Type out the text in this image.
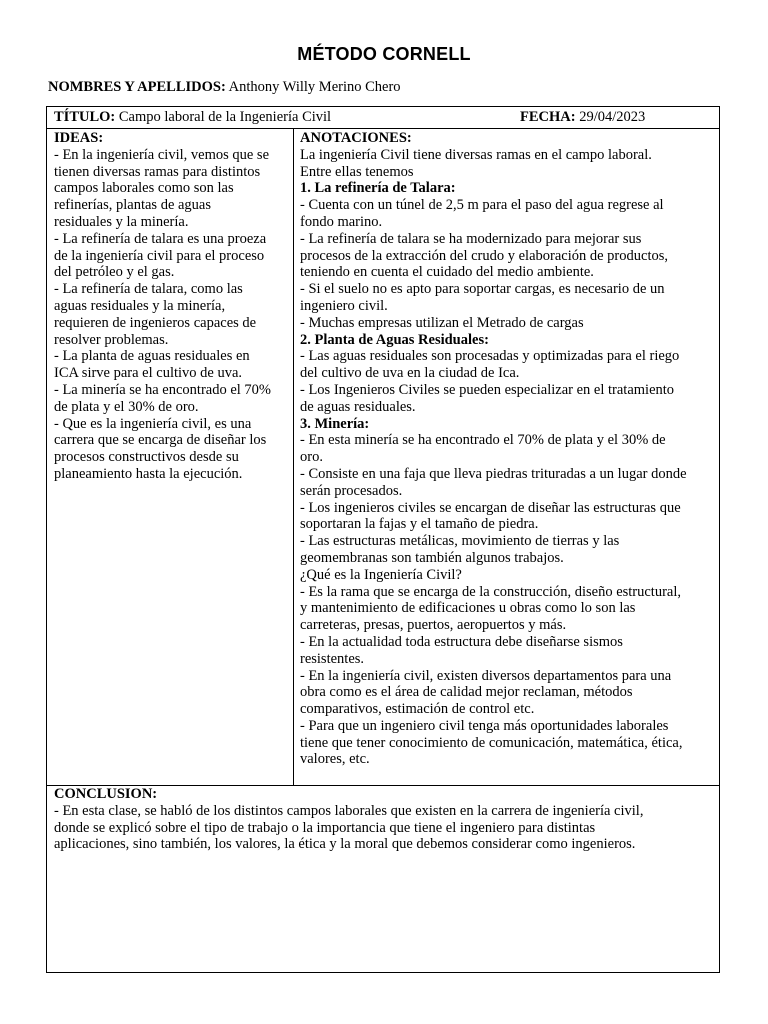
MÉTODO CORNELL
NOMBRES Y APELLIDOS: Anthony Willy Merino Chero
TÍTULO: Campo laboral de la Ingeniería Civil	FECHA: 29/04/2023
IDEAS:
- En la ingeniería civil, vemos que se
tienen diversas ramas para distintos
campos laborales como son las
refinerías, plantas de aguas
residuales y la minería.
- La refinería de talara es una proeza
de la ingeniería civil para el proceso
del petróleo y el gas.
- La refinería de talara, como las
aguas residuales y la minería,
requieren de ingenieros capaces de
resolver problemas.
- La planta de aguas residuales en
ICA sirve para el cultivo de uva.
- La minería se ha encontrado el 70%
de plata y el 30% de oro.
- Que es la ingeniería civil, es una
carrera que se encarga de diseñar los
procesos constructivos desde su
planeamiento hasta la ejecución.
ANOTACIONES:
La ingeniería Civil tiene diversas ramas en el campo laboral.
Entre ellas tenemos
1. La refinería de Talara:
- Cuenta con un túnel de 2,5 m para el paso del agua regrese al
fondo marino.
- La refinería de talara se ha modernizado para mejorar sus
procesos de la extracción del crudo y elaboración de productos,
teniendo en cuenta el cuidado del medio ambiente.
- Si el suelo no es apto para soportar cargas, es necesario de un
ingeniero civil.
- Muchas empresas utilizan el Metrado de cargas
2. Planta de Aguas Residuales:
- Las aguas residuales son procesadas y optimizadas para el riego
del cultivo de uva en la ciudad de Ica.
- Los Ingenieros Civiles se pueden especializar en el tratamiento
de aguas residuales.
3. Minería:
- En esta minería se ha encontrado el 70% de plata y el 30% de
oro.
- Consiste en una faja que lleva piedras trituradas a un lugar donde
serán procesados.
- Los ingenieros civiles se encargan de diseñar las estructuras que
soportaran la fajas y el tamaño de piedra.
- Las estructuras metálicas, movimiento de tierras y las
geomembranas son también algunos trabajos.
¿Qué es la Ingeniería Civil?
- Es la rama que se encarga de la construcción, diseño estructural,
y mantenimiento de edificaciones u obras como lo son las
carreteras, presas, puertos, aeropuertos y más.
- En la actualidad toda estructura debe diseñarse sismos
resistentes.
- En la ingeniería civil, existen diversos departamentos para una
obra como es el área de calidad mejor reclaman, métodos
comparativos, estimación de control etc.
- Para que un ingeniero civil tenga más oportunidades laborales
tiene que tener conocimiento de comunicación, matemática, ética,
valores, etc.
CONCLUSION:
- En esta clase, se habló de los distintos campos laborales que existen en la carrera de ingeniería civil,
donde se explicó sobre el tipo de trabajo o la importancia que tiene el ingeniero para distintas
aplicaciones, sino también, los valores, la ética y la moral que debemos considerar como ingenieros.
